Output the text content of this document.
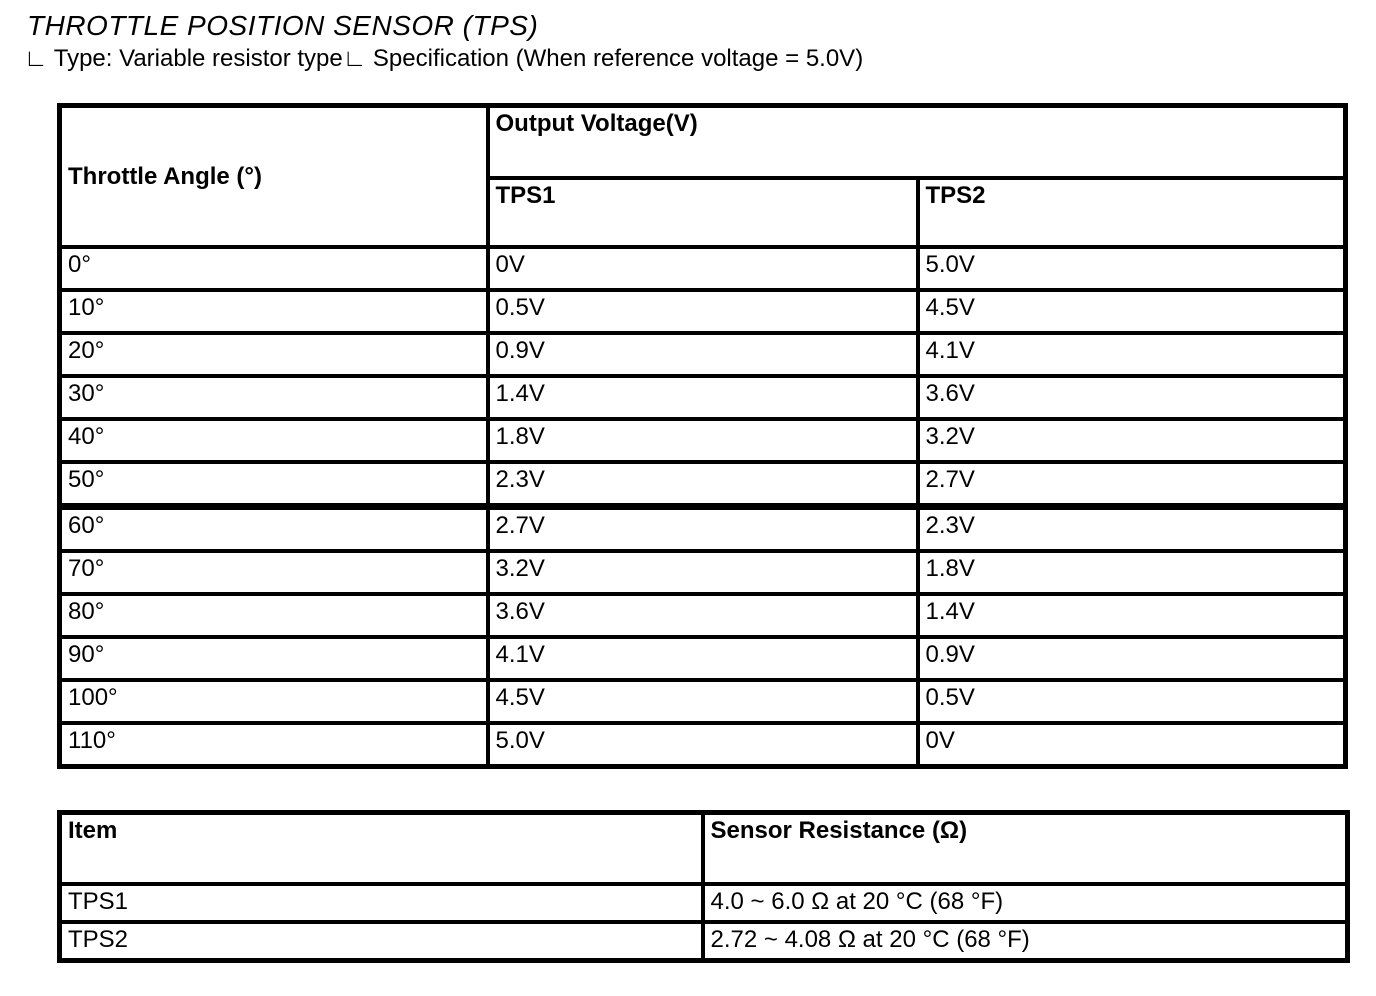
THROTTLE POSITION SENSOR (TPS)
∟ Type: Variable resistor type∟ Specification (When reference voltage = 5.0V)
Throttle Angle (°)	Output Voltage(V)	
	TPS1	TPS2
0°	0V	5.0V
10°	0.5V	4.5V
20°	0.9V	4.1V
30°	1.4V	3.6V
40°	1.8V	3.2V
50°	2.3V	2.7V
60°	2.7V	2.3V
70°	3.2V	1.8V
80°	3.6V	1.4V
90°	4.1V	0.9V
100°	4.5V	0.5V
110°	5.0V	0V
Item	Sensor Resistance (Ω)
TPS1	4.0 ~ 6.0 Ω at 20 °C (68 °F)
TPS2	2.72 ~ 4.08 Ω at 20 °C (68 °F)
